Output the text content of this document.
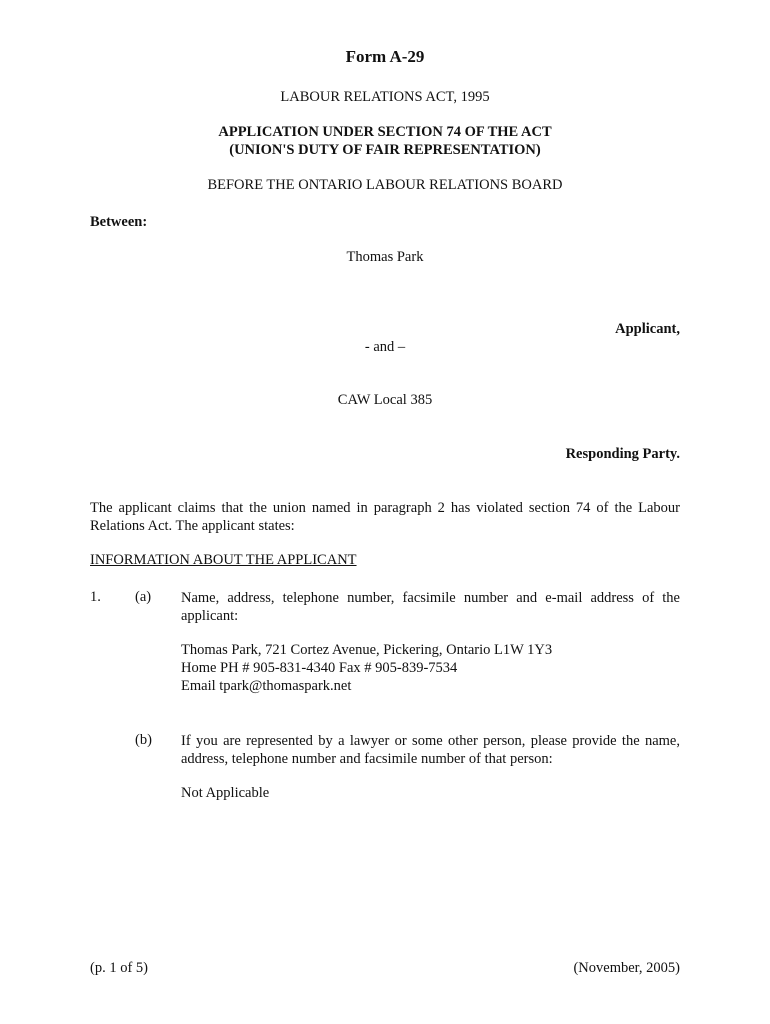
Form A-29
LABOUR RELATIONS ACT, 1995
APPLICATION UNDER SECTION 74 OF THE ACT
(UNION'S DUTY OF FAIR REPRESENTATION)
BEFORE THE ONTARIO LABOUR RELATIONS BOARD
Between:
Thomas Park
Applicant,
- and –
CAW Local 385
Responding Party.
The applicant claims that the union named in paragraph 2 has violated section 74 of the Labour Relations Act. The applicant states:
INFORMATION ABOUT THE APPLICANT
1. (a) Name, address, telephone number, facsimile number and e-mail address of the applicant:
Thomas Park, 721 Cortez Avenue, Pickering, Ontario L1W 1Y3
Home PH # 905-831-4340 Fax # 905-839-7534
Email tpark@thomaspark.net
(b) If you are represented by a lawyer or some other person, please provide the name, address, telephone number and facsimile number of that person:
Not Applicable
(p. 1 of 5)	(November, 2005)
